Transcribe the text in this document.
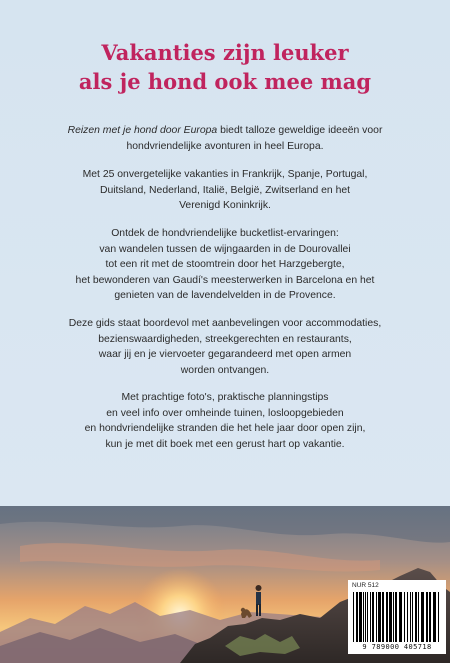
Vakanties zijn leuker
als je hond ook mee mag
Reizen met je hond door Europa biedt talloze geweldige ideeën voor
hondvriendelijke avonturen in heel Europa.
Met 25 onvergetelijke vakanties in Frankrijk, Spanje, Portugal,
Duitsland, Nederland, Italië, België, Zwitserland en het
Verenigd Koninkrijk.
Ontdek de hondvriendelijke bucketlist-ervaringen:
van wandelen tussen de wijngaarden in de Dourovallei
tot een rit met de stoomtrein door het Harzgebergte,
het bewonderen van Gaudí's meesterwerken in Barcelona en het
genieten van de lavendelvelden in de Provence.
Deze gids staat boordevol met aanbevelingen voor accommodaties,
bezienswaardigheden, streekgerechten en restaurants,
waar jij en je viervoeter gegarandeerd met open armen
worden ontvangen.
Met prachtige foto's, praktische planningstips
en veel info over omheinde tuinen, losloopgebieden
en hondvriendelijke stranden die het hele jaar door open zijn,
kun je met dit boek met een gerust hart op vakantie.
NUR 512
9 789000 405718
